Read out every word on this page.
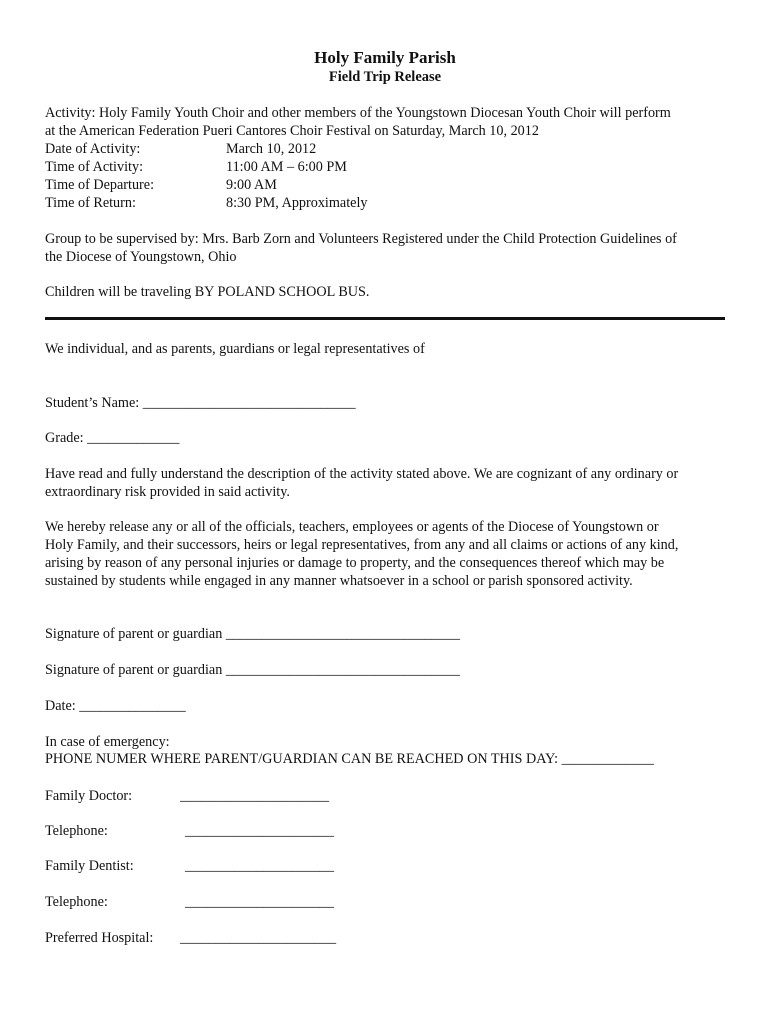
Holy Family Parish
Field Trip Release
Activity: Holy Family Youth Choir and other members of the Youngstown Diocesan Youth Choir will perform
at the American Federation Pueri Cantores Choir Festival on Saturday, March 10, 2012
Date of Activity:	March 10, 2012
Time of Activity:	11:00 AM – 6:00 PM
Time of Departure:	9:00 AM
Time of Return:	8:30 PM, Approximately
Group to be supervised by: Mrs. Barb Zorn and Volunteers Registered under the Child Protection Guidelines of
the Diocese of Youngstown, Ohio
Children will be traveling BY POLAND SCHOOL BUS.
We individual, and as parents, guardians or legal representatives of
Student’s Name: ______________________________
Grade: _____________
Have read and fully understand the description of the activity stated above. We are cognizant of any ordinary or
extraordinary risk provided in said activity.
We hereby release any or all of the officials, teachers, employees or agents of the Diocese of Youngstown or
Holy Family, and their successors, heirs or legal representatives, from any and all claims or actions of any kind,
arising by reason of any personal injuries or damage to property, and the consequences thereof which may be
sustained by students while engaged in any manner whatsoever in a school or parish sponsored activity.
Signature of parent or guardian _________________________________
Signature of parent or guardian _________________________________
Date: _______________
In case of emergency:
PHONE NUMER WHERE PARENT/GUARDIAN CAN BE REACHED ON THIS DAY: _____________
Family Doctor:	_____________________
Telephone:	_____________________
Family Dentist:	_____________________
Telephone:	_____________________
Preferred Hospital: ______________________
